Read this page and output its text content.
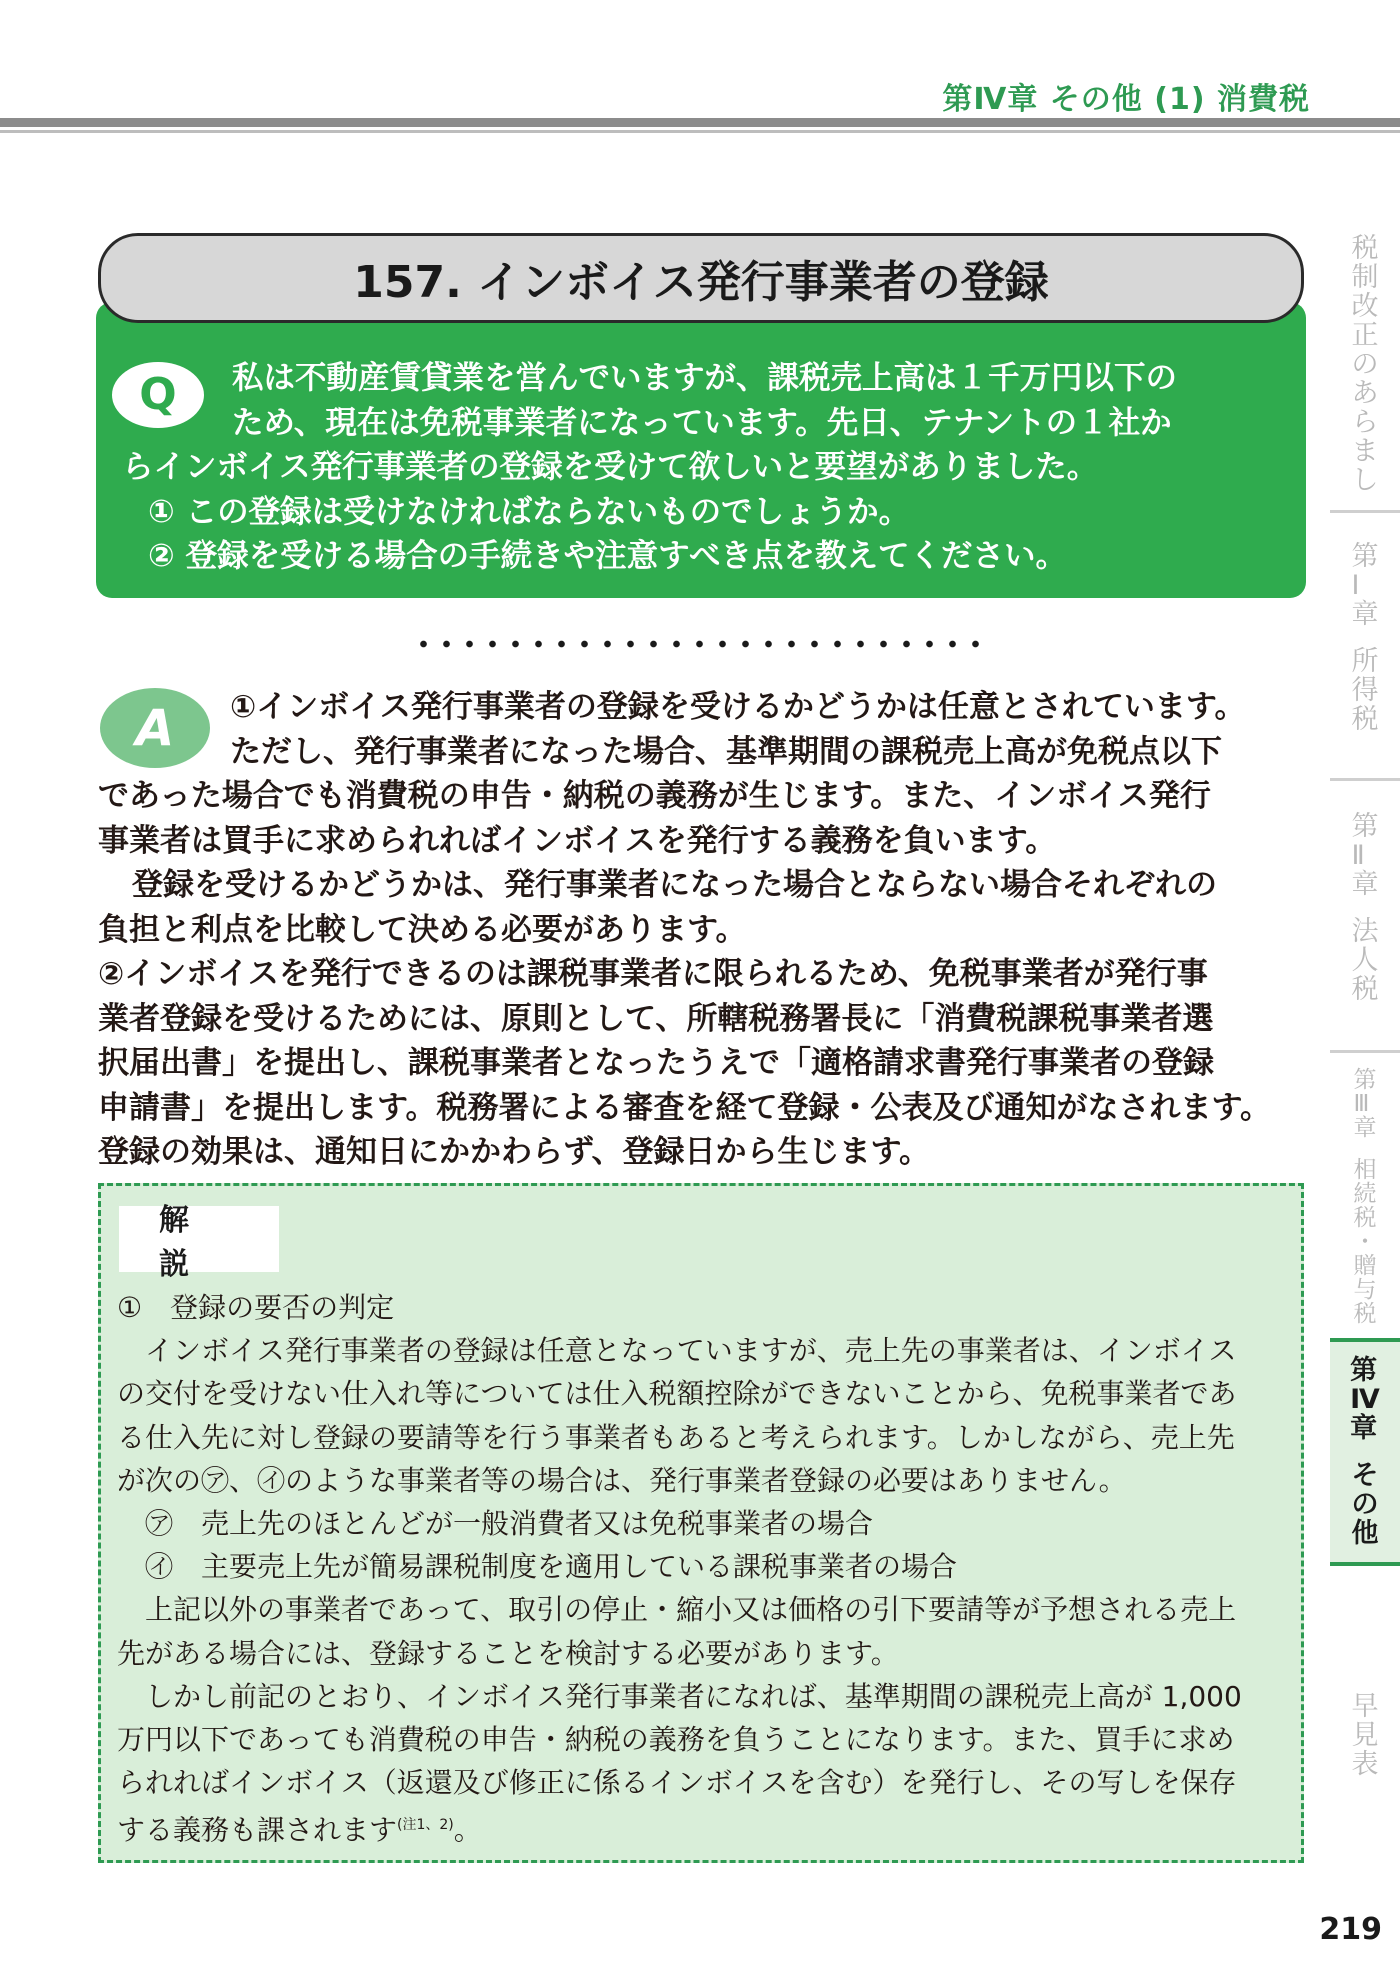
第Ⅳ章 その他 (1) 消費税
157. インボイス発行事業者の登録
Q	私は不動産賃貸業を営んでいますが、課税売上高は１千万円以下の
ため、現在は免税事業者になっています。先日、テナントの１社か
らインボイス発行事業者の登録を受けて欲しいと要望がありました。
① この登録は受けなければならないものでしょうか。
② 登録を受ける場合の手続きや注意すべき点を教えてください。
A	①インボイス発行事業者の登録を受けるかどうかは任意とされています。

ただし、発行事業者になった場合、基準期間の課税売上高が免税点以下

であった場合でも消費税の申告・納税の義務が生じます。また、インボイス発行

事業者は買手に求められればインボイスを発行する義務を負います。

登録を受けるかどうかは、発行事業者になった場合とならない場合それぞれの

負担と利点を比較して決める必要があります。

②インボイスを発行できるのは課税事業者に限られるため、免税事業者が発行事

業者登録を受けるためには、原則として、所轄税務署長に「消費税課税事業者選

択届出書」を提出し、課税事業者となったうえで「適格請求書発行事業者の登録

申請書」を提出します。税務署による審査を経て登録・公表及び通知がなされます。

登録の効果は、通知日にかかわらず、登録日から生じます。

解説

①　登録の要否の判定

インボイス発行事業者の登録は任意となっていますが、売上先の事業者は、インボイス

の交付を受けない仕入れ等については仕入税額控除ができないことから、免税事業者であ

る仕入先に対し登録の要請等を行う事業者もあると考えられます。しかしながら、売上先

が次の㋐、㋑のような事業者等の場合は、発行事業者登録の必要はありません。

㋐　売上先のほとんどが一般消費者又は免税事業者の場合

㋑　主要売上先が簡易課税制度を適用している課税事業者の場合

上記以外の事業者であって、取引の停止・縮小又は価格の引下要請等が予想される売上

先がある場合には、登録することを検討する必要があります。

しかし前記のとおり、インボイス発行事業者になれば、基準期間の課税売上高が 1,000

万円以下であっても消費税の申告・納税の義務を負うことになります。また、買手に求め

られればインボイス（返還及び修正に係るインボイスを含む）を発行し、その写しを保存

する義務も課されます$^{(注1、2)}$。

税
制
改
正
の
あ
ら
ま
し
第
Ⅰ
章
所
得
税
第
Ⅱ
章
法
人
税
第
Ⅲ
章
相
続
税
・
贈
与
税
第
Ⅳ
章
そ
の
他
早
見
表
219
